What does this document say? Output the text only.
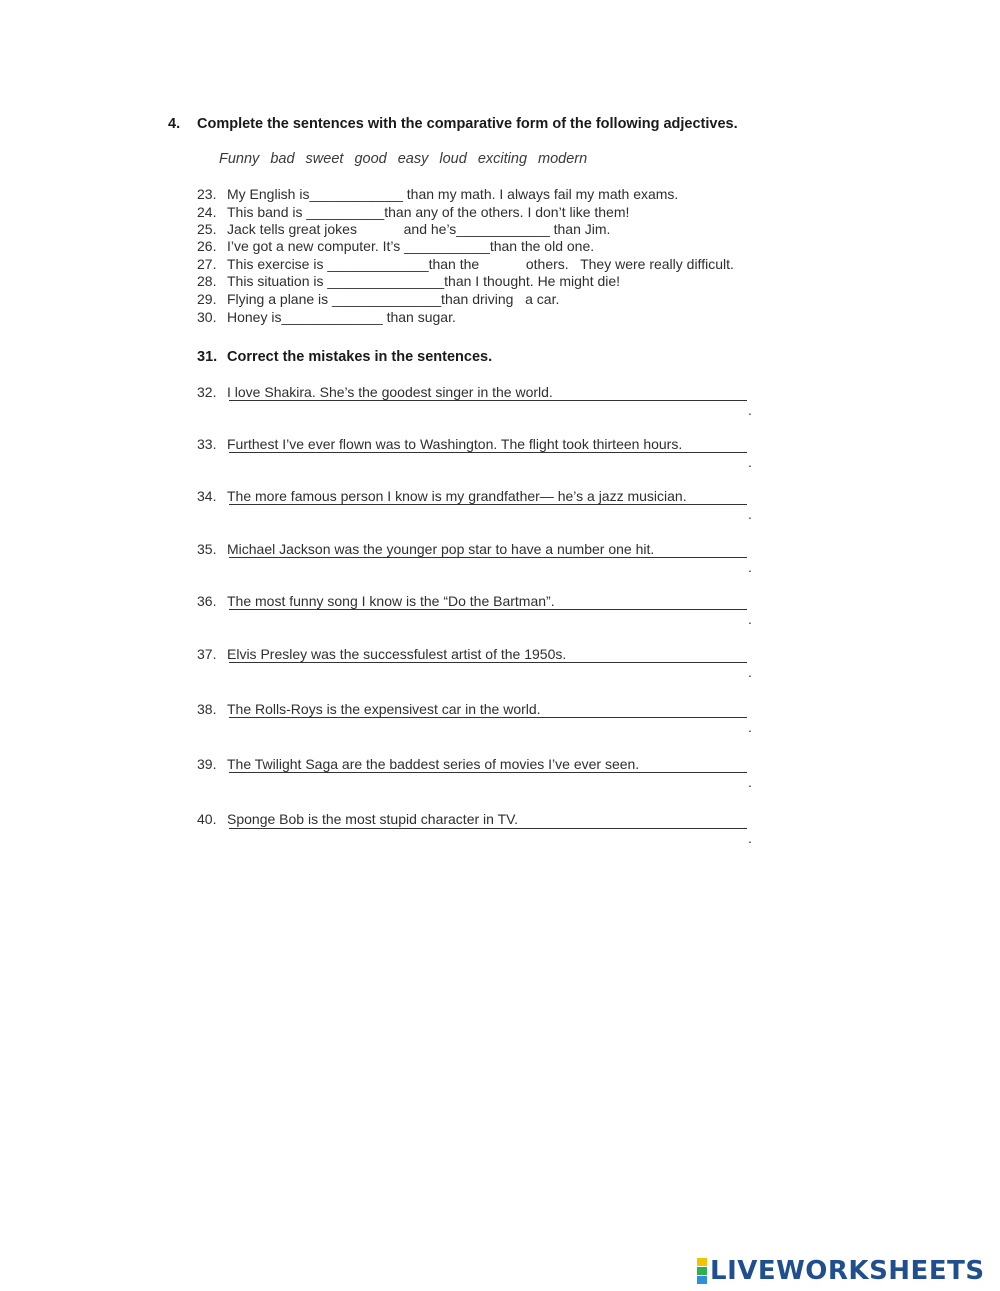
4. Complete the sentences with the comparative form of the following adjectives.
Funny bad sweet good easy loud exciting modern
23. My English is____________ than my math. I always fail my math exams.
24. This band is __________than any of the others. I don’t like them!
25. Jack tells great jokes            and he’s____________ than Jim.
26. I’ve got a new computer. It’s ___________than the old one.
27. This exercise is _____________than the            others.   They were really difficult.
28. This situation is _______________than I thought. He might die!
29. Flying a plane is ______________than driving   a car.
30. Honey is_____________ than sugar.
31. Correct the mistakes in the sentences.
32. I love Shakira. She’s the goodest singer in the world.
.
33. Furthest I’ve ever flown was to Washington. The flight took thirteen hours.
.
34. The more famous person I know is my grandfather— he’s a jazz musician.
.
35. Michael Jackson was the younger pop star to have a number one hit.
.
36. The most funny song I know is the “Do the Bartman”.
.
37. Elvis Presley was the successfulest artist of the 1950s.
.
38. The Rolls-Roys is the expensivest car in the world.
.
39. The Twilight Saga are the baddest series of movies I’ve ever seen.
.
40. Sponge Bob is the most stupid character in TV.
.
LIVEWORKSHEETS
